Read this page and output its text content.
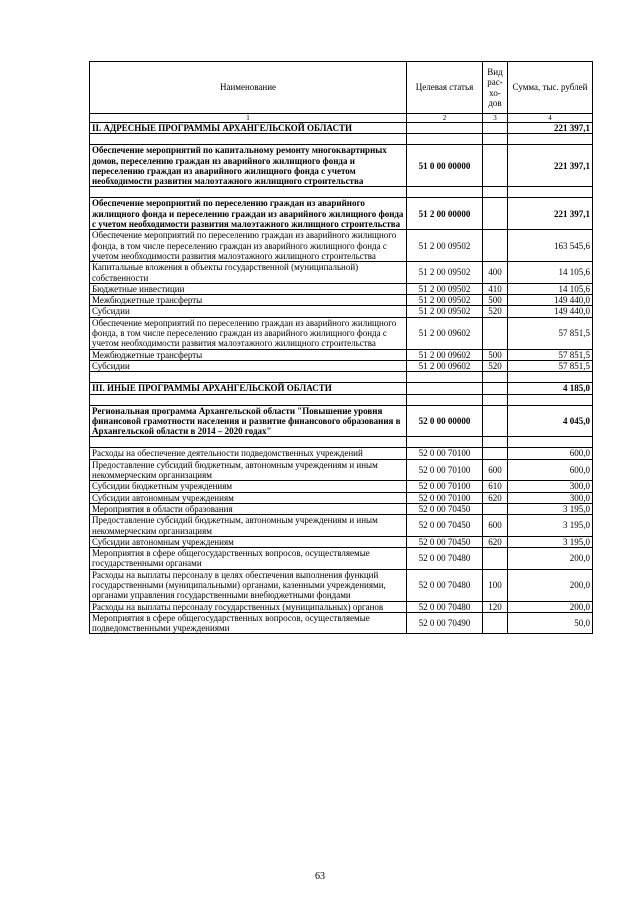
Наименование	Целевая статья	Вид рас-хо-дов	Сумма, тыс. рублей
1	2	3	4
II. АДРЕСНЫЕ ПРОГРАММЫ АРХАНГЕЛЬСКОЙ ОБЛАСТИ			221 397,1

Обеспечение мероприятий по капитальному ремонту многоквартирных домов, переселению граждан из аварийного жилищного фонда и переселению граждан из аварийного жилищного фонда с учетом необходимости развития малоэтажного жилищного строительства	51 0 00 00000		221 397,1

Обеспечение мероприятий по переселению граждан из аварийного жилищного фонда и переселению граждан из аварийного жилищного фонда с учетом необходимости развития малоэтажного жилищного строительства	51 2 00 00000		221 397,1
Обеспечение мероприятий по переселению граждан из аварийного жилищного фонда, в том числе переселению граждан из аварийного жилищного фонда с учетом необходимости развития малоэтажного жилищного строительства	51 2 00 09502		163 545,6
Капитальные вложения в объекты государственной (муниципальной) собственности	51 2 00 09502	400	14 105,6
Бюджетные инвестиции	51 2 00 09502	410	14 105,6
Межбюджетные трансферты	51 2 00 09502	500	149 440,0
Субсидии	51 2 00 09502	520	149 440,0
Обеспечение мероприятий по переселению граждан из аварийного жилищного фонда, в том числе переселению граждан из аварийного жилищного фонда с учетом необходимости развития малоэтажного жилищного строительства	51 2 00 09602		57 851,5
Межбюджетные трансферты	51 2 00 09602	500	57 851,5
Субсидии	51 2 00 09602	520	57 851,5

III. ИНЫЕ ПРОГРАММЫ АРХАНГЕЛЬСКОЙ ОБЛАСТИ			4 185,0

Региональная программа Архангельской области "Повышение уровня финансовой грамотности населения и развитие финансового образования в Архангельской области в 2014 – 2020 годах"	52 0 00 00000		4 045,0

Расходы на обеспечение деятельности подведомственных учреждений	52 0 00 70100		600,0
Предоставление субсидий бюджетным, автономным учреждениям и иным некоммерческим организациям	52 0 00 70100	600	600,0
Субсидии бюджетным учреждениям	52 0 00 70100	610	300,0
Субсидии автономным учреждениям	52 0 00 70100	620	300,0
Мероприятия в области образования	52 0 00 70450		3 195,0
Предоставление субсидий бюджетным, автономным учреждениям и иным некоммерческим организациям	52 0 00 70450	600	3 195,0
Субсидии автономным учреждениям	52 0 00 70450	620	3 195,0
Мероприятия в сфере общегосударственных вопросов, осуществляемые государственными органами	52 0 00 70480		200,0
Расходы на выплаты персоналу в целях обеспечения выполнения функций государственными (муниципальными) органами, казенными учреждениями, органами управления государственными внебюджетными фондами	52 0 00 70480	100	200,0
Расходы на выплаты персоналу государственных (муниципальных) органов	52 0 00 70480	120	200,0
Мероприятия в сфере общегосударственных вопросов, осуществляемые подведомственными учреждениями	52 0 00 70490		50,0
63
